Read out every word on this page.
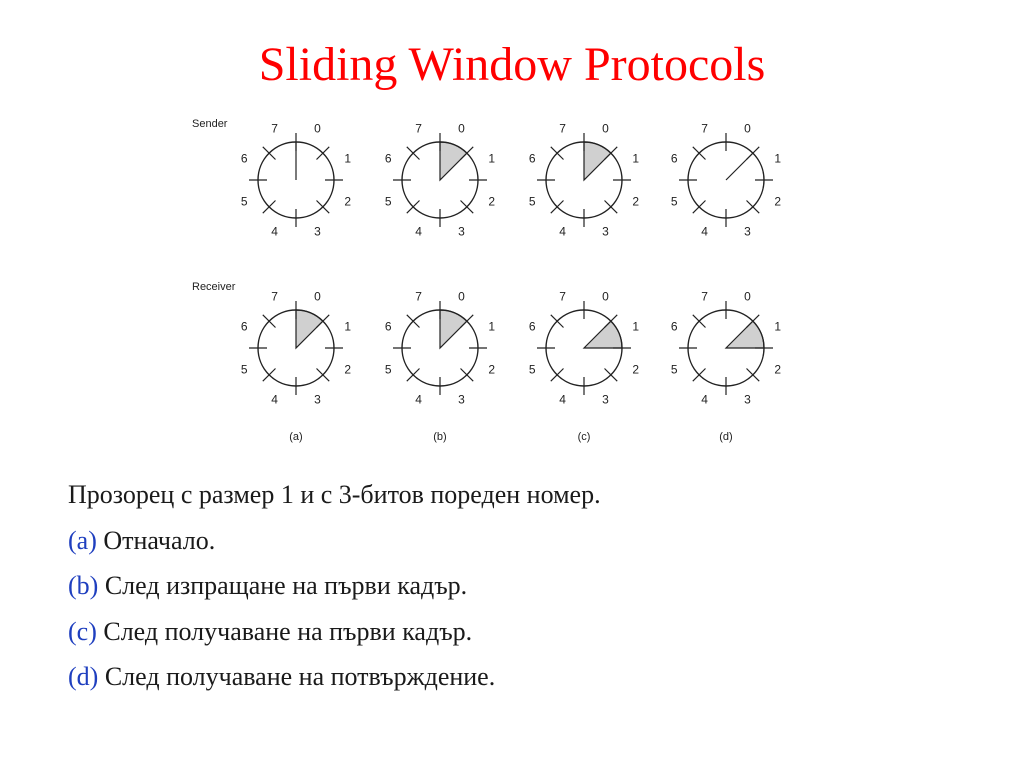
Sliding Window Protocols
Sender
Receiver
0
1
2
3
4
5
6
7	0
1
2
3
4
5
6
7	0
1
2
3
4
5
6
7	0
1
2
3
4
5
6
7
0
1
2
3
4
5
6
7	0
1
2
3
4
5
6
7	0
1
2
3
4
5
6
7	0
1
2
3
4
5
6
7
(a)	(b)	(c)	(d)
Прозорец с размер 1 и с 3-битов пореден номер.
(a) Отначало.
(b) След изпращане на първи кадър.
(c) След получаване на първи кадър.
(d) След получаване на потвърждение.
